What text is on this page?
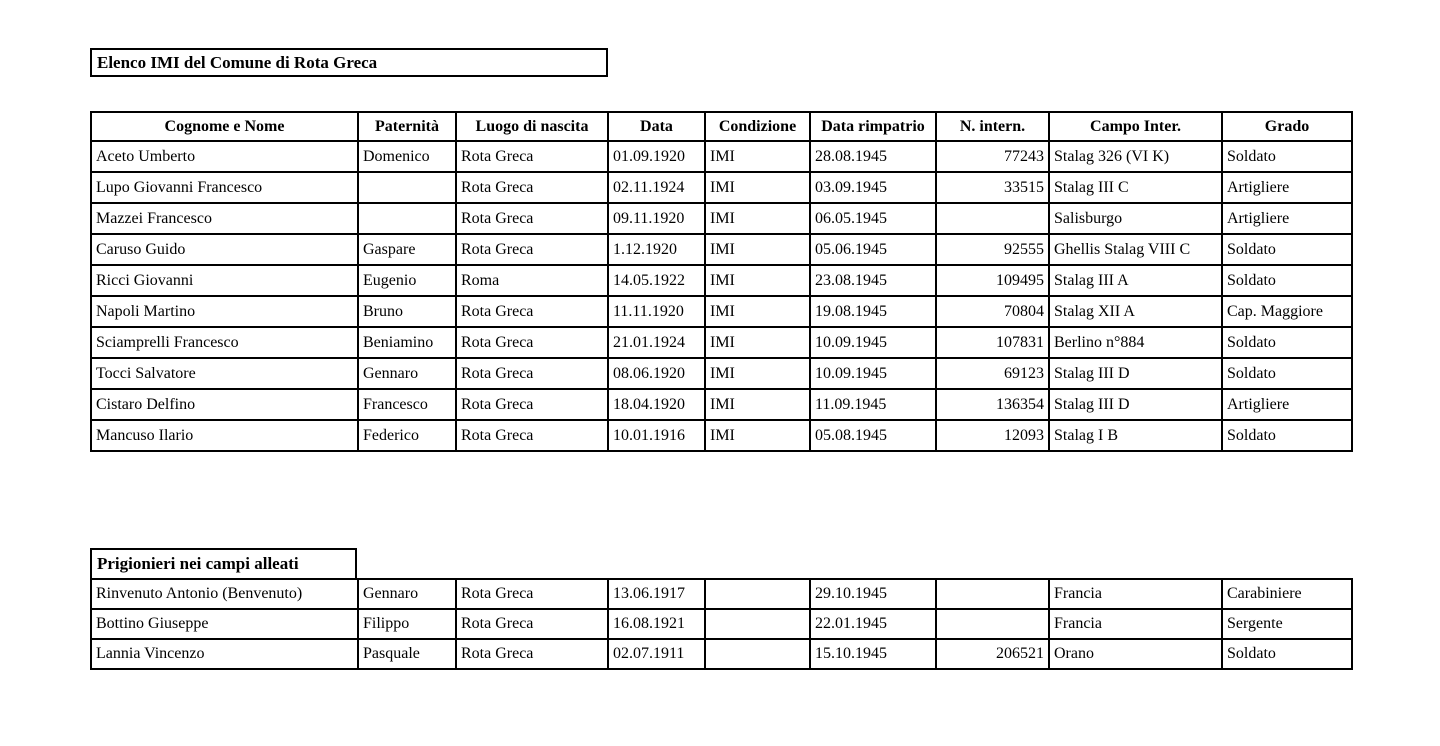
Elenco IMI del Comune di Rota Greca
Cognome e Nome	Paternità	Luogo di nascita	Data	Condizione	Data rimpatrio	N. intern.	Campo Inter.	Grado
Aceto Umberto	Domenico	Rota Greca	01.09.1920	IMI	28.08.1945	77243	Stalag 326 (VI K)	Soldato
Lupo Giovanni Francesco		Rota Greca	02.11.1924	IMI	03.09.1945	33515	Stalag III C	Artigliere
Mazzei Francesco		Rota Greca	09.11.1920	IMI	06.05.1945		Salisburgo	Artigliere
Caruso Guido	Gaspare	Rota Greca	1.12.1920	IMI	05.06.1945	92555	Ghellis Stalag VIII C	Soldato
Ricci Giovanni	Eugenio	Roma	14.05.1922	IMI	23.08.1945	109495	Stalag III A	Soldato
Napoli Martino	Bruno	Rota Greca	11.11.1920	IMI	19.08.1945	70804	Stalag XII A	Cap. Maggiore
Sciamprelli Francesco	Beniamino	Rota Greca	21.01.1924	IMI	10.09.1945	107831	Berlino n°884	Soldato
Tocci Salvatore	Gennaro	Rota Greca	08.06.1920	IMI	10.09.1945	69123	Stalag III D	Soldato
Cistaro Delfino	Francesco	Rota Greca	18.04.1920	IMI	11.09.1945	136354	Stalag III D	Artigliere
Mancuso Ilario	Federico	Rota Greca	10.01.1916	IMI	05.08.1945	12093	Stalag I B	Soldato
Prigionieri nei campi alleati
Rinvenuto Antonio (Benvenuto)	Gennaro	Rota Greca	13.06.1917		29.10.1945		Francia	Carabiniere
Bottino Giuseppe	Filippo	Rota Greca	16.08.1921		22.01.1945		Francia	Sergente
Lannia Vincenzo	Pasquale	Rota Greca	02.07.1911		15.10.1945	206521	Orano	Soldato
